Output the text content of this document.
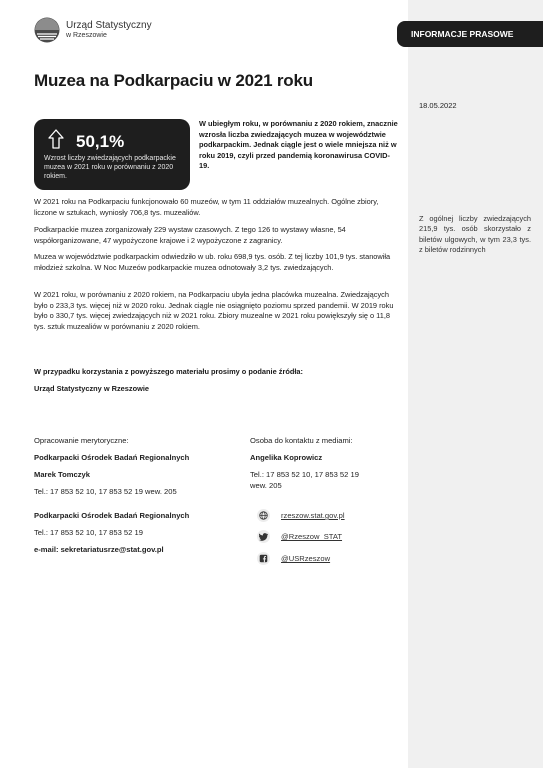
INFORMACJE PRASOWE
Urząd Statystyczny
w Rzeszowie
Muzea na Podkarpaciu w 2021 roku
18.05.2022
50,1%
Wzrost liczby zwiedzających podkarpackie muzea w 2021 roku w porównaniu z 2020 rokiem.
W ubiegłym roku, w porównaniu z 2020 rokiem, znacznie wzrosła liczba zwiedzających muzea w województwie podkarpackim. Jednak ciągle jest o wiele mniejsza niż w roku 2019, czyli przed pandemią koronawirusa COVID-19.
W 2021 roku na Podkarpaciu funkcjonowało 60 muzeów, w tym 11 oddziałów muzealnych. Ogólne zbiory, liczone w sztukach, wyniosły 706,8 tys. muzealiów.
Podkarpackie muzea zorganizowały 229 wystaw czasowych. Z tego 126 to wystawy własne, 54 współorganizowane, 47 wypożyczone krajowe i 2 wypożyczone z zagranicy.
Muzea w województwie podkarpackim odwiedziło w ub. roku 698,9 tys. osób. Z tej liczby 101,9 tys. stanowiła młodzież szkolna. W Noc Muzeów podkarpackie muzea odnotowały 3,2 tys. zwiedzających.
W 2021 roku, w porównaniu z 2020 rokiem, na Podkarpaciu ubyła jedna placówka muzealna. Zwiedzających było o 233,3 tys. więcej niż w 2020 roku. Jednak ciągle nie osiągnięto poziomu sprzed pandemii. W 2019 roku było o 330,7 tys. więcej zwiedzających niż w 2021 roku. Zbiory muzealne w 2021 roku powiększyły się o 11,8 tys. sztuk muzealiów w porównaniu z 2020 rokiem.
Z ogólnej liczby zwiedzających 215,9 tys. osób skorzystało z biletów ulgowych, w tym 23,3 tys. z biletów rodzinnych
W przypadku korzystania z powyższego materiału prosimy o podanie źródła:
Urząd Statystyczny w Rzeszowie
Opracowanie merytoryczne:
Podkarpacki Ośrodek Badań Regionalnych
Marek Tomczyk
Tel.: 17 853 52 10, 17 853 52 19 wew. 205
Podkarpacki Ośrodek Badań Regionalnych
Tel.: 17 853 52 10, 17 853 52 19
e-mail: sekretariatusrze@stat.gov.pl
Osoba do kontaktu z mediami:
Angelika Koprowicz
Tel.: 17 853 52 10, 17 853 52 19
wew. 205
rzeszow.stat.gov.pl
@Rzeszow_STAT
@USRzeszow
